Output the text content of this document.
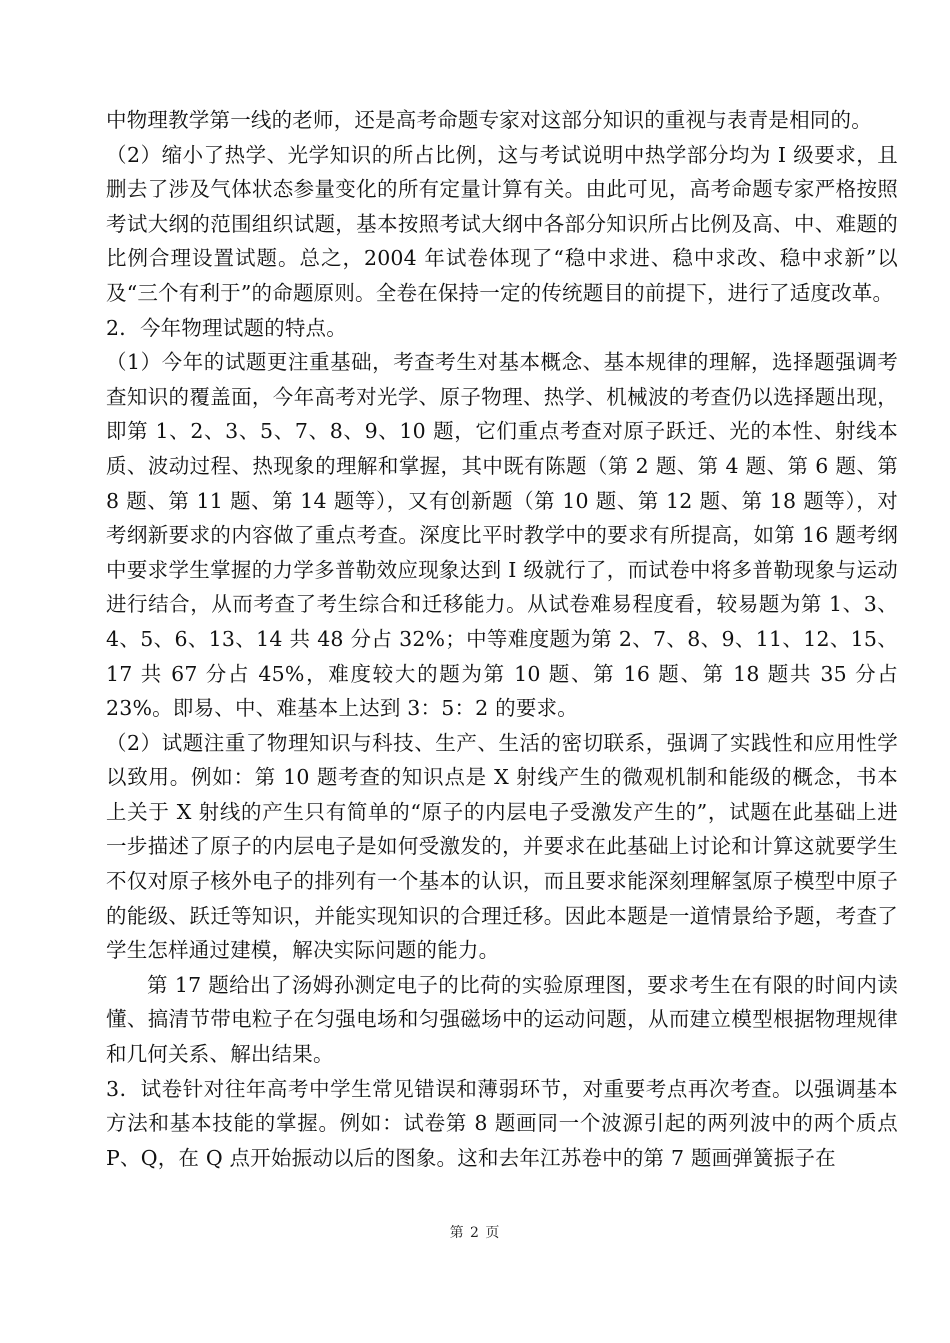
中物理教学第一线的老师，还是高考命题专家对这部分知识的重视与表青是相同的。

（2）缩小了热学、光学知识的所占比例，这与考试说明中热学部分均为 I 级要求，且删去了涉及气体状态参量变化的所有定量计算有关。由此可见，高考命题专家严格按照考试大纲的范围组织试题，基本按照考试大纲中各部分知识所占比例及高、中、难题的比例合理设置试题。总之，2004 年试卷体现了“稳中求进、稳中求改、稳中求新”以及“三个有利于”的命题原则。全卷在保持一定的传统题目的前提下，进行了适度改革。

2．今年物理试题的特点。

（1）今年的试题更注重基础，考查考生对基本概念、基本规律的理解，选择题强调考查知识的覆盖面，今年高考对光学、原子物理、热学、机械波的考查仍以选择题出现，即第 1、2、3、5、7、8、9、10 题，它们重点考查对原子跃迁、光的本性、射线本质、波动过程、热现象的理解和掌握，其中既有陈题（第 2 题、第 4 题、第 6 题、第 8 题、第 11 题、第 14 题等），又有创新题（第 10 题、第 12 题、第 18 题等），对考纲新要求的内容做了重点考查。深度比平时教学中的要求有所提高，如第 16 题考纲中要求学生掌握的力学多普勒效应现象达到 I 级就行了，而试卷中将多普勒现象与运动进行结合，从而考查了考生综合和迁移能力。从试卷难易程度看，较易题为第 1、3、4、5、6、13、14 共 48 分占 32%；中等难度题为第 2、7、8、9、11、12、15、17 共 67 分占 45%，难度较大的题为第 10 题、第 16 题、第 18 题共 35 分占 23%。即易、中、难基本上达到 3：5：2 的要求。

（2）试题注重了物理知识与科技、生产、生活的密切联系，强调了实践性和应用性学以致用。例如：第 10 题考查的知识点是 X 射线产生的微观机制和能级的概念，书本上关于 X 射线的产生只有简单的“原子的内层电子受激发产生的”，试题在此基础上进一步描述了原子的内层电子是如何受激发的，并要求在此基础上讨论和计算这就要学生不仅对原子核外电子的排列有一个基本的认识，而且要求能深刻理解氢原子模型中原子的能级、跃迁等知识，并能实现知识的合理迁移。因此本题是一道情景给予题，考查了学生怎样通过建模，解决实际问题的能力。

第 17 题给出了汤姆孙测定电子的比荷的实验原理图，要求考生在有限的时间内读懂、搞清节带电粒子在匀强电场和匀强磁场中的运动问题，从而建立模型根据物理规律和几何关系、解出结果。

3．试卷针对往年高考中学生常见错误和薄弱环节，对重要考点再次考查。以强调基本方法和基本技能的掌握。例如：试卷第 8 题画同一个波源引起的两列波中的两个质点 P、Q，在 Q 点开始振动以后的图象。这和去年江苏卷中的第 7 题画弹簧振子在

第 2 页
